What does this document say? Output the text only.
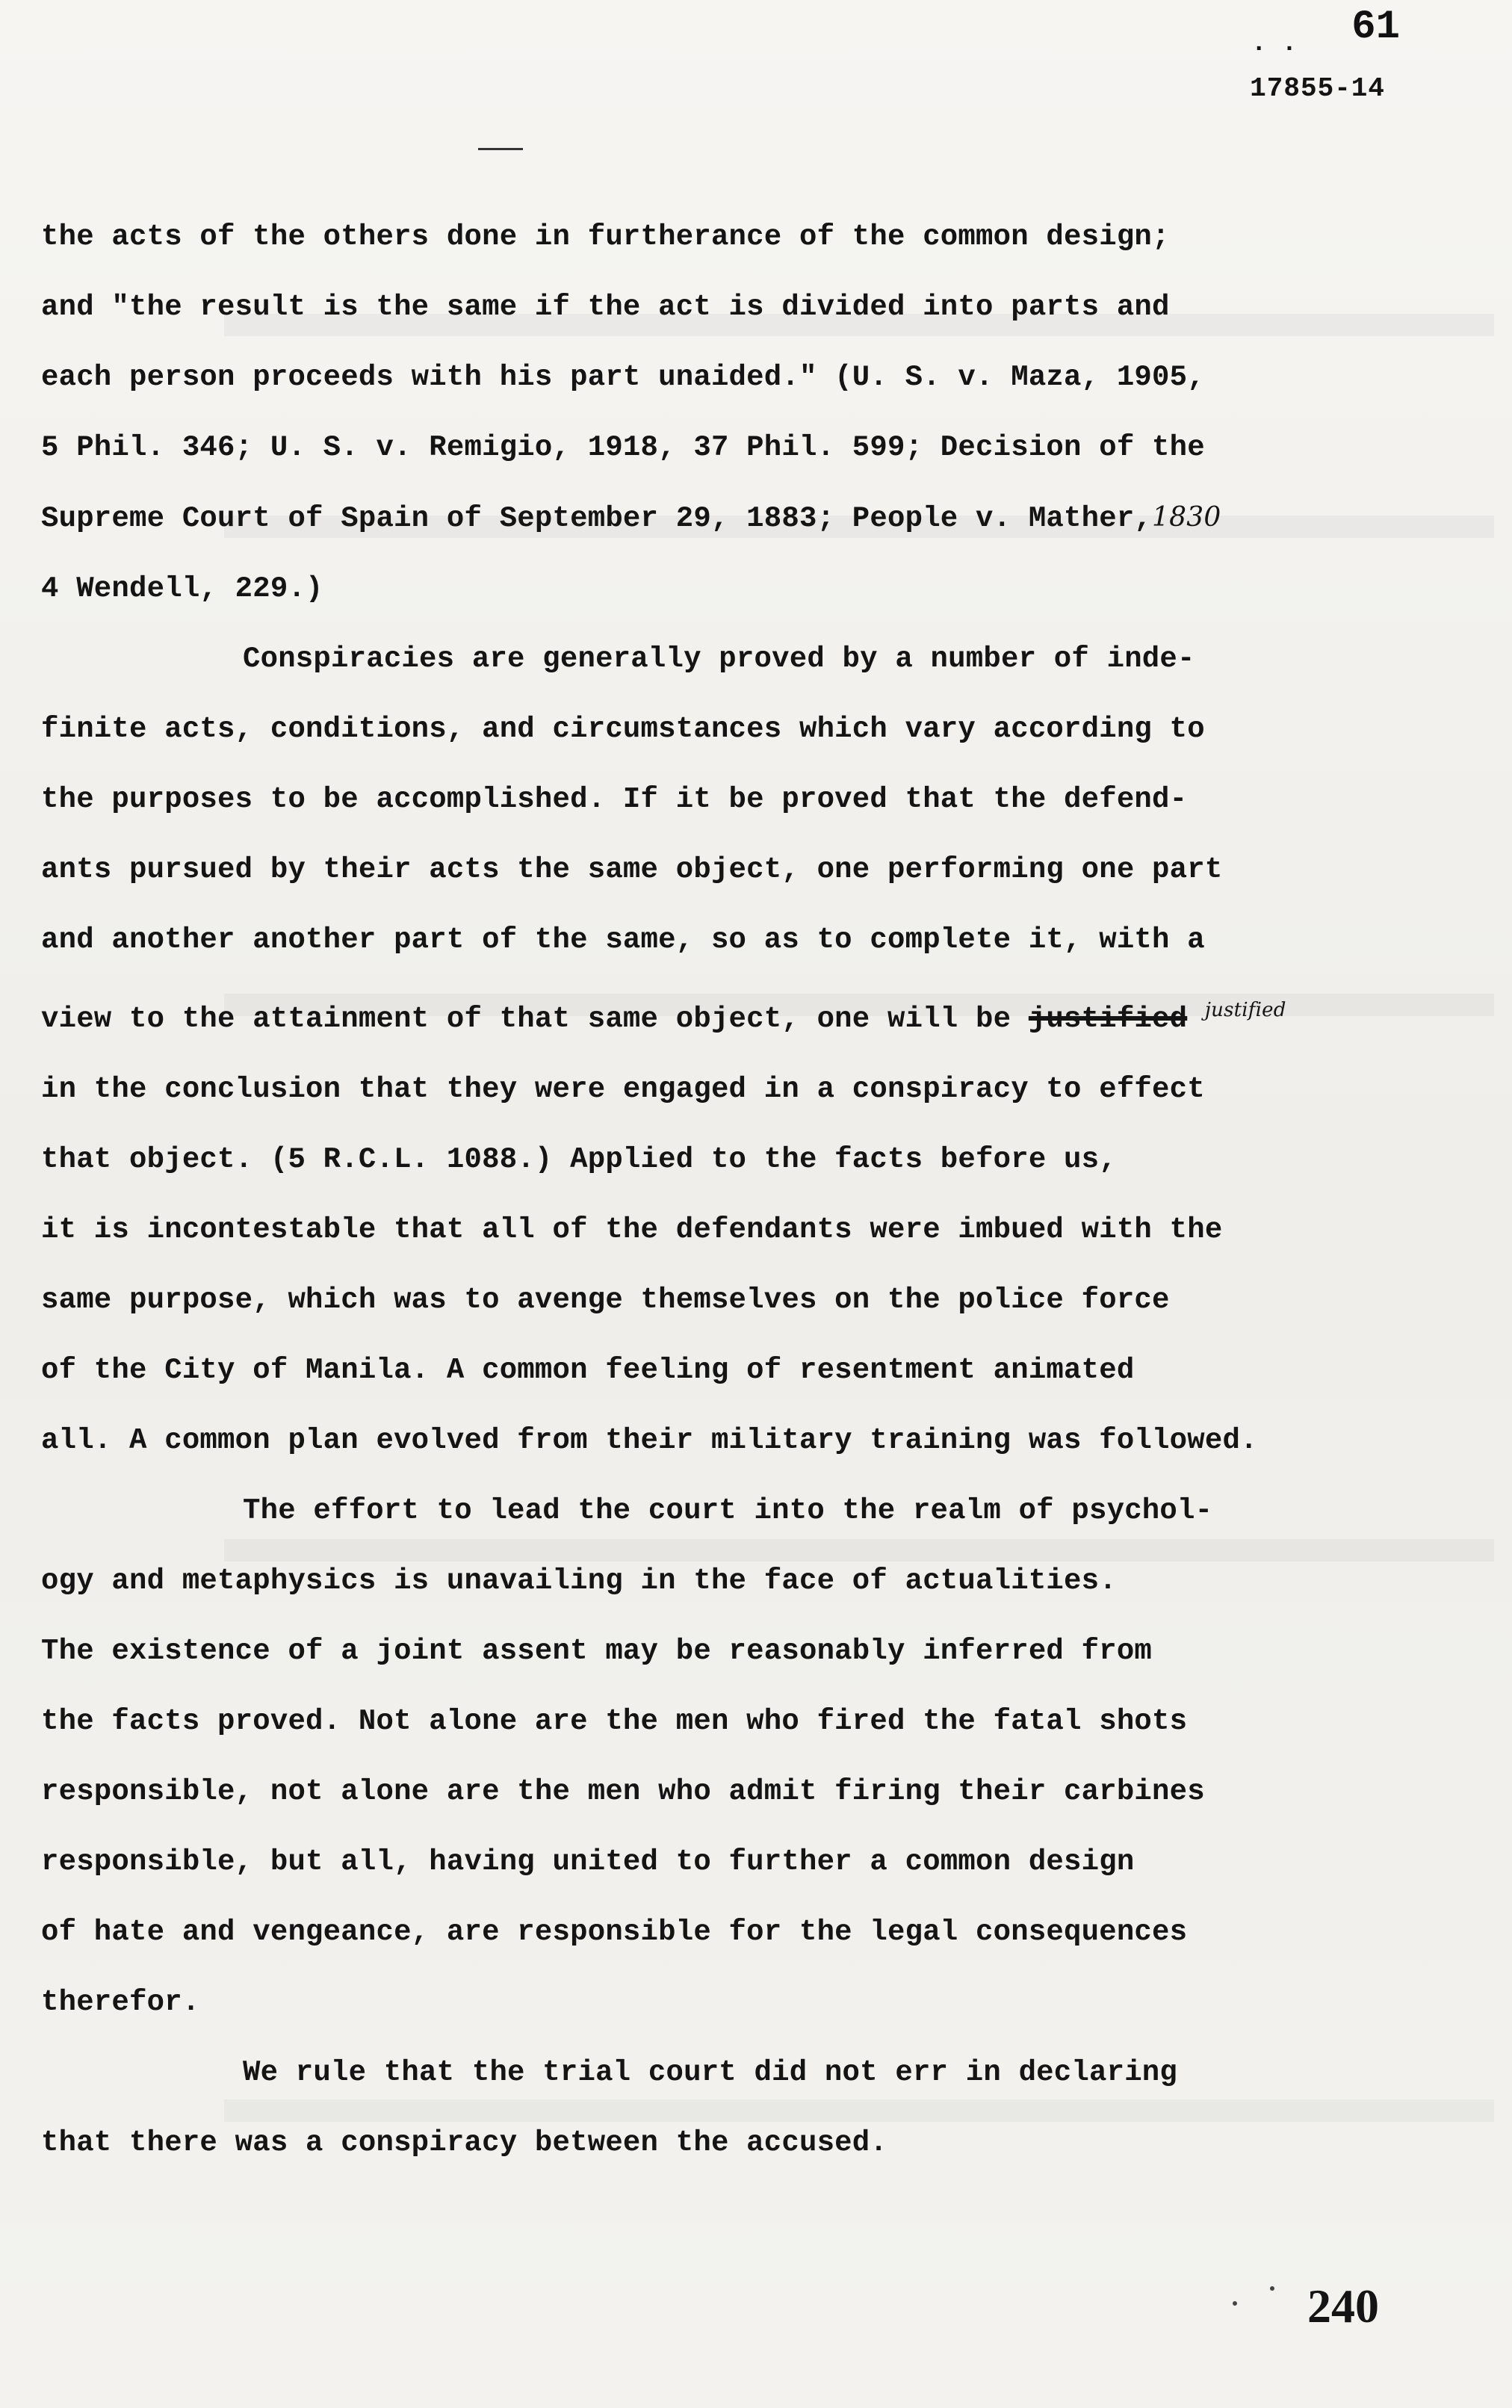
. . 61
17855-14
the acts of the others done in furtherance of the common design;
and "the result is the same if the act is divided into parts and
each person proceeds with his part unaided." (U. S. v. Maza, 1905,
5 Phil. 346; U. S. v. Remigio, 1918, 37 Phil. 599; Decision of the
Supreme Court of Spain of September 29, 1883; People v. Mather,1830
4 Wendell, 229.)
Conspiracies are generally proved by a number of inde-
finite acts, conditions, and circumstances which vary according to
the purposes to be accomplished. If it be proved that the defend-
ants pursued by their acts the same object, one performing one part
and another another part of the same, so as to complete it, with a
view to the attainment of that same object, one will be justified $^{justified}$
in the conclusion that they were engaged in a conspiracy to effect
that object. (5 R.C.L. 1088.) Applied to the facts before us,
it is incontestable that all of the defendants were imbued with the
same purpose, which was to avenge themselves on the police force
of the City of Manila. A common feeling of resentment animated
all. A common plan evolved from their military training was followed.
The effort to lead the court into the realm of psychol-
ogy and metaphysics is unavailing in the face of actualities.
The existence of a joint assent may be reasonably inferred from
the facts proved. Not alone are the men who fired the fatal shots
responsible, not alone are the men who admit firing their carbines
responsible, but all, having united to further a common design
of hate and vengeance, are responsible for the legal consequences
therefor.
We rule that the trial court did not err in declaring
that there was a conspiracy between the accused.
240
